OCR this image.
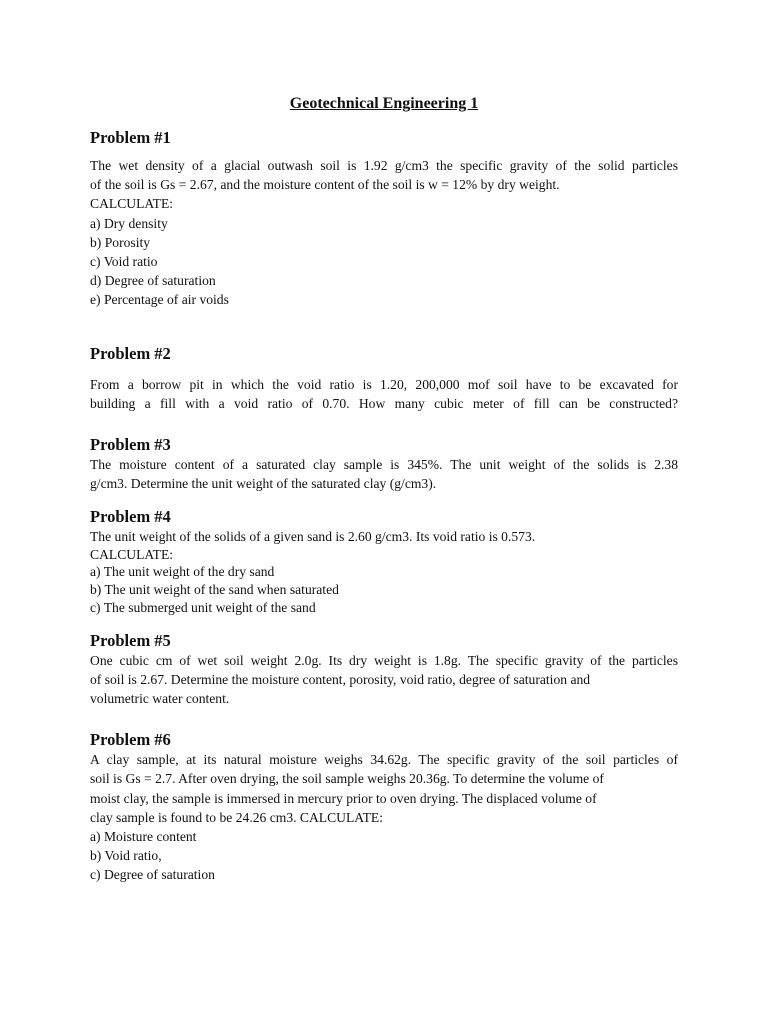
Geotechnical Engineering 1
Problem #1
The wet density of a glacial outwash soil is 1.92 g/cm3 the specific gravity of the solid particles
of the soil is Gs = 2.67, and the moisture content of the soil is w = 12% by dry weight.
CALCULATE:
a) Dry density
b) Porosity
c) Void ratio
d) Degree of saturation
e) Percentage of air voids
Problem #2
From a borrow pit in which the void ratio is 1.20, 200,000 mof soil have to be excavated for
building a fill with a void ratio of 0.70. How many cubic meter of fill can be constructed?
Problem #3
The moisture content of a saturated clay sample is 345%. The unit weight of the solids is 2.38
g/cm3. Determine the unit weight of the saturated clay (g/cm3).
Problem #4
The unit weight of the solids of a given sand is 2.60 g/cm3. Its void ratio is 0.573.
CALCULATE:
a) The unit weight of the dry sand
b) The unit weight of the sand when saturated
c) The submerged unit weight of the sand
Problem #5
One cubic cm of wet soil weight 2.0g. Its dry weight is 1.8g. The specific gravity of the particles
of soil is 2.67. Determine the moisture content, porosity, void ratio, degree of saturation and
volumetric water content.
Problem #6
A clay sample, at its natural moisture weighs 34.62g. The specific gravity of the soil particles of
soil is Gs = 2.7. After oven drying, the soil sample weighs 20.36g. To determine the volume of
moist clay, the sample is immersed in mercury prior to oven drying. The displaced volume of
clay sample is found to be 24.26 cm3. CALCULATE:
a) Moisture content
b) Void ratio,
c) Degree of saturation
